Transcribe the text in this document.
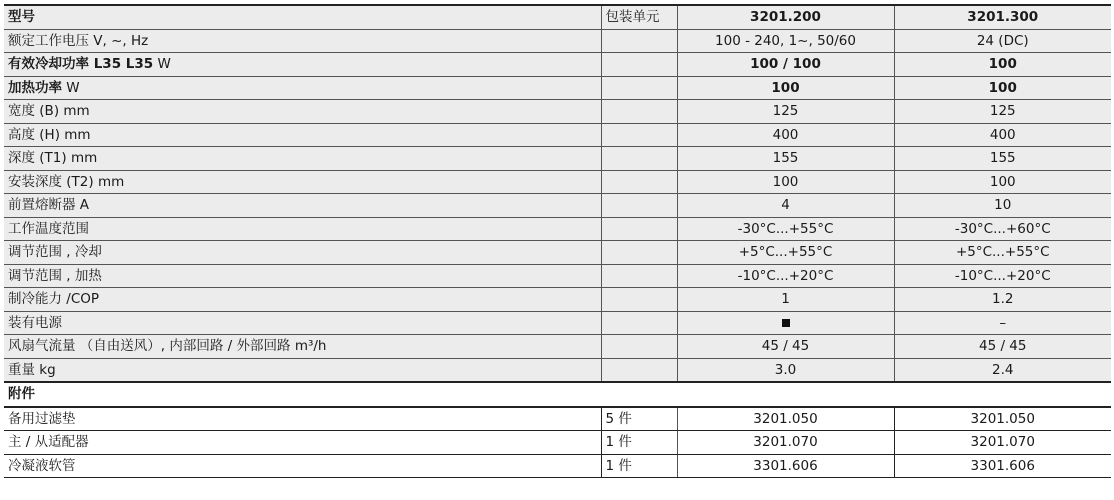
型号	包装单元	3201.200	3201.300
额定工作电压 V, ~, Hz		100 - 240, 1~, 50/60	24 (DC)
有效冷却功率 L35 L35 W		100 / 100	100
加热功率 W		100	100
宽度 (B) mm		125	125
高度 (H) mm		400	400
深度 (T1) mm		155	155
安装深度 (T2) mm		100	100
前置熔断器 A		4	10
工作温度范围		-30°C...+55°C	-30°C...+60°C
调节范围 , 冷却		+5°C...+55°C	+5°C...+55°C
调节范围 , 加热		-10°C...+20°C	-10°C...+20°C
制冷能力 /COP		1	1.2
装有电源			–
风扇气流量 （自由送风）, 内部回路 / 外部回路 m³/h		45 / 45	45 / 45
重量 kg		3.0	2.4
附件			
备用过滤垫	5 件	3201.050	3201.050
主 / 从适配器	1 件	3201.070	3201.070
冷凝液软管	1 件	3301.606	3301.606
